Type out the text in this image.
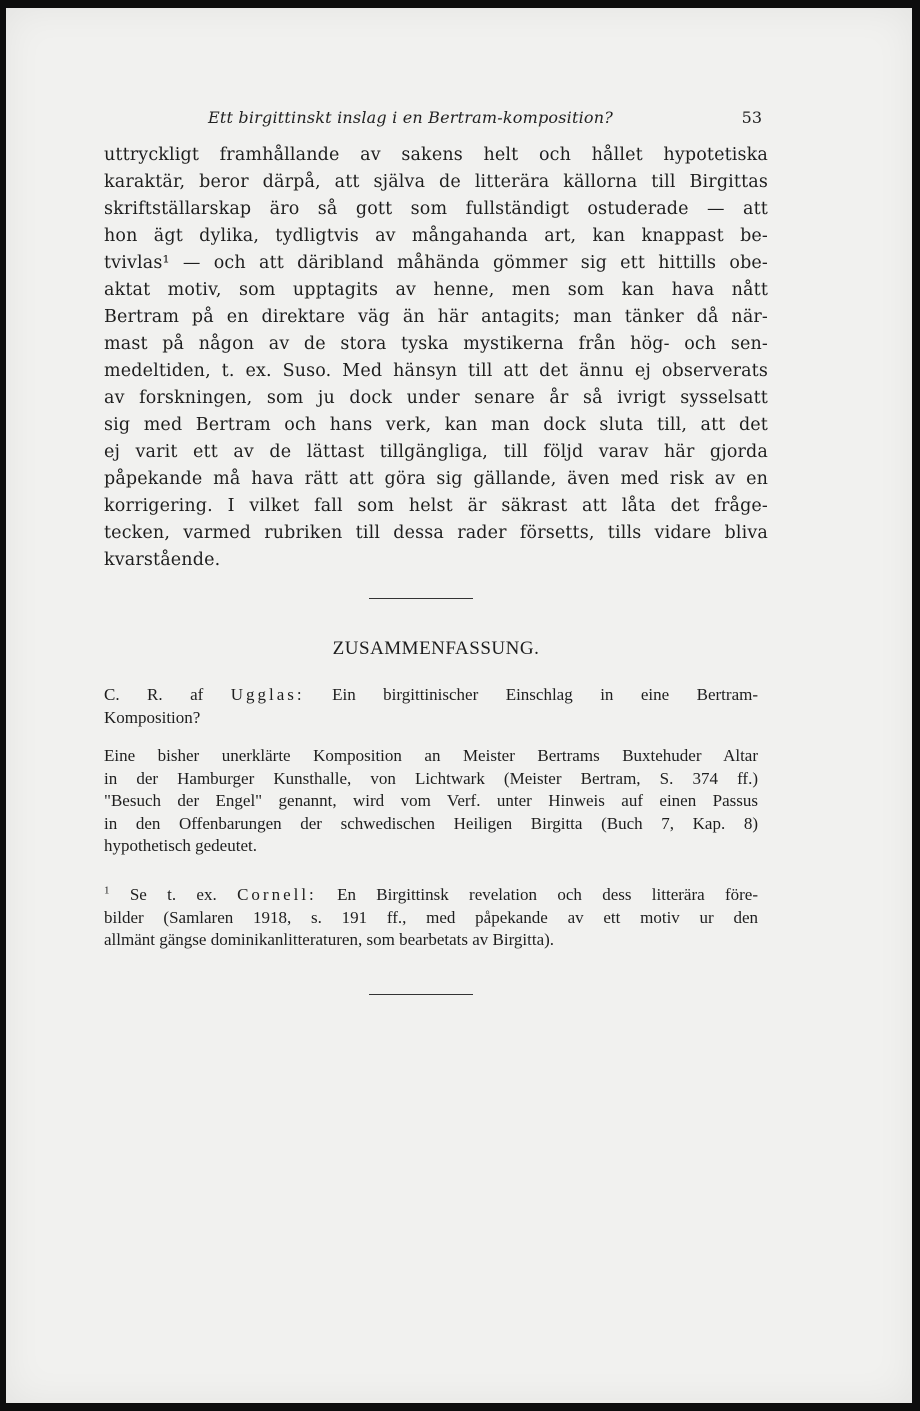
Ett birgittinskt inslag i en Bertram-komposition?	53
uttryckligt framhållande av sakens helt och hållet hypotetiska
karaktär, beror därpå, att själva de litterära källorna till Birgittas
skriftställarskap äro så gott som fullständigt ostuderade — att
hon ägt dylika, tydligtvis av mångahanda art, kan knappast be-
tvivlas¹ — och att däribland måhända gömmer sig ett hittills obe-
aktat motiv, som upptagits av henne, men som kan hava nått
Bertram på en direktare väg än här antagits; man tänker då när-
mast på någon av de stora tyska mystikerna från hög- och sen-
medeltiden, t. ex. Suso. Med hänsyn till att det ännu ej observerats
av forskningen, som ju dock under senare år så ivrigt sysselsatt
sig med Bertram och hans verk, kan man dock sluta till, att det
ej varit ett av de lättast tillgängliga, till följd varav här gjorda
påpekande må hava rätt att göra sig gällande, även med risk av en
korrigering. I vilket fall som helst är säkrast att låta det fråge-
tecken, varmed rubriken till dessa rader försetts, tills vidare bliva
kvarstående.
ZUSAMMENFASSUNG.

C. R. af Ugglas: Ein birgittinischer Einschlag in eine Bertram-
Komposition?

Eine bisher unerklärte Komposition an Meister Bertrams Buxtehuder Altar
in der Hamburger Kunsthalle, von Lichtwark (Meister Bertram, S. 374 ff.)
"Besuch der Engel" genannt, wird vom Verf. unter Hinweis auf einen Passus
in den Offenbarungen der schwedischen Heiligen Birgitta (Buch 7, Kap. 8)
hypothetisch gedeutet.

$^1$ Se t. ex. Cornell: En Birgittinsk revelation och dess litterära före-
bilder (Samlaren 1918, s. 191 ff., med påpekande av ett motiv ur den
allmänt gängse dominikanlitteraturen, som bearbetats av Birgitta).
